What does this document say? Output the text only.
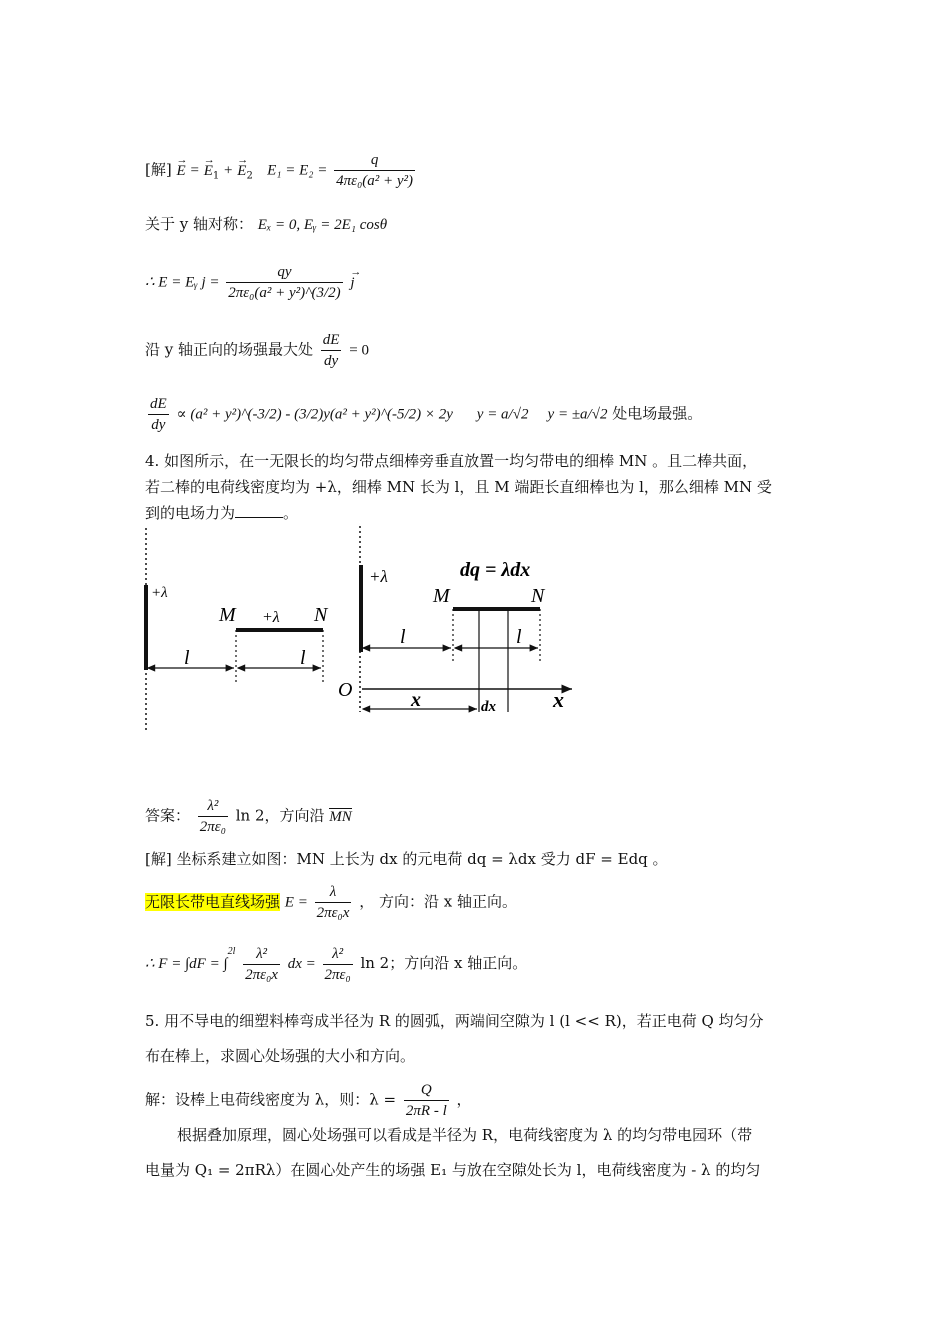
[解] → E = → $E_1$ + → $E_2$ $E_1 = E_2 = \frac{q}{\text{4πε₀(a² + y²)}}$
关于 y 轴对称： Eₓ = 0, Eᵧ = 2E₁ cosθ
∴ E = Eᵧ $j = \frac{qy}{\text{2πε₀(a² + y²)\textasciicircum{}(3/2)}}$
→ j
沿 y 轴正向的场强最大处 $\frac{dE}{dy} = 0$
$\frac{dE}{dy} \propto (a^2$ + y²)^(-3/2) - (3/2)y(a² + y²)^(-5/2) × 2y y = a/√2 y = ±a/√2 处电场最强。
4. 如图所示，在一无限长的均匀带点细棒旁垂直放置一均匀带电的细棒 MN 。且二棒共面，
若二棒的电荷线密度均为 +λ，细棒 MN 长为 l，且 M 端距长直细棒也为 l，那么细棒 MN 受
到的电场力为	。
+λ
M +λ N
l	l
+λ	dq = λdx
M	N
l	l
O	x	dx	x
答案： $\frac{\text{λ²}}{\text{2πε₀}}$ ln 2，方向沿 MN
[解] 坐标系建立如图：MN 上长为 dx 的元电荷 dq = λdx 受力 dF = Edq 。
无限长带电直线场强 $E = \frac{\lambda}{\text{2πε₀x}}$ ， 方向：沿 x 轴正向。
∴ $F = \int dF = \int^{2l} \frac{\text{λ²}}{\text{2πε₀x}}$ dx = $\frac{\text{λ²}}{\text{2πε₀}}$ ln 2；方向沿 x 轴正向。
5. 用不导电的细塑料棒弯成半径为 R 的圆弧，两端间空隙为 l (l << R)，若正电荷 Q 均匀分
布在棒上，求圆心处场强的大小和方向。
解：设棒上电荷线密度为 λ，则：$\lambda = \frac{Q}{2\pi R - l}$ ，
根据叠加原理，圆心处场强可以看成是半径为 R，电荷线密度为 λ 的均匀带电园环（带
电量为 Q₁ = 2πRλ）在圆心处产生的场强 E₁ 与放在空隙处长为 l，电荷线密度为 - λ 的均匀
